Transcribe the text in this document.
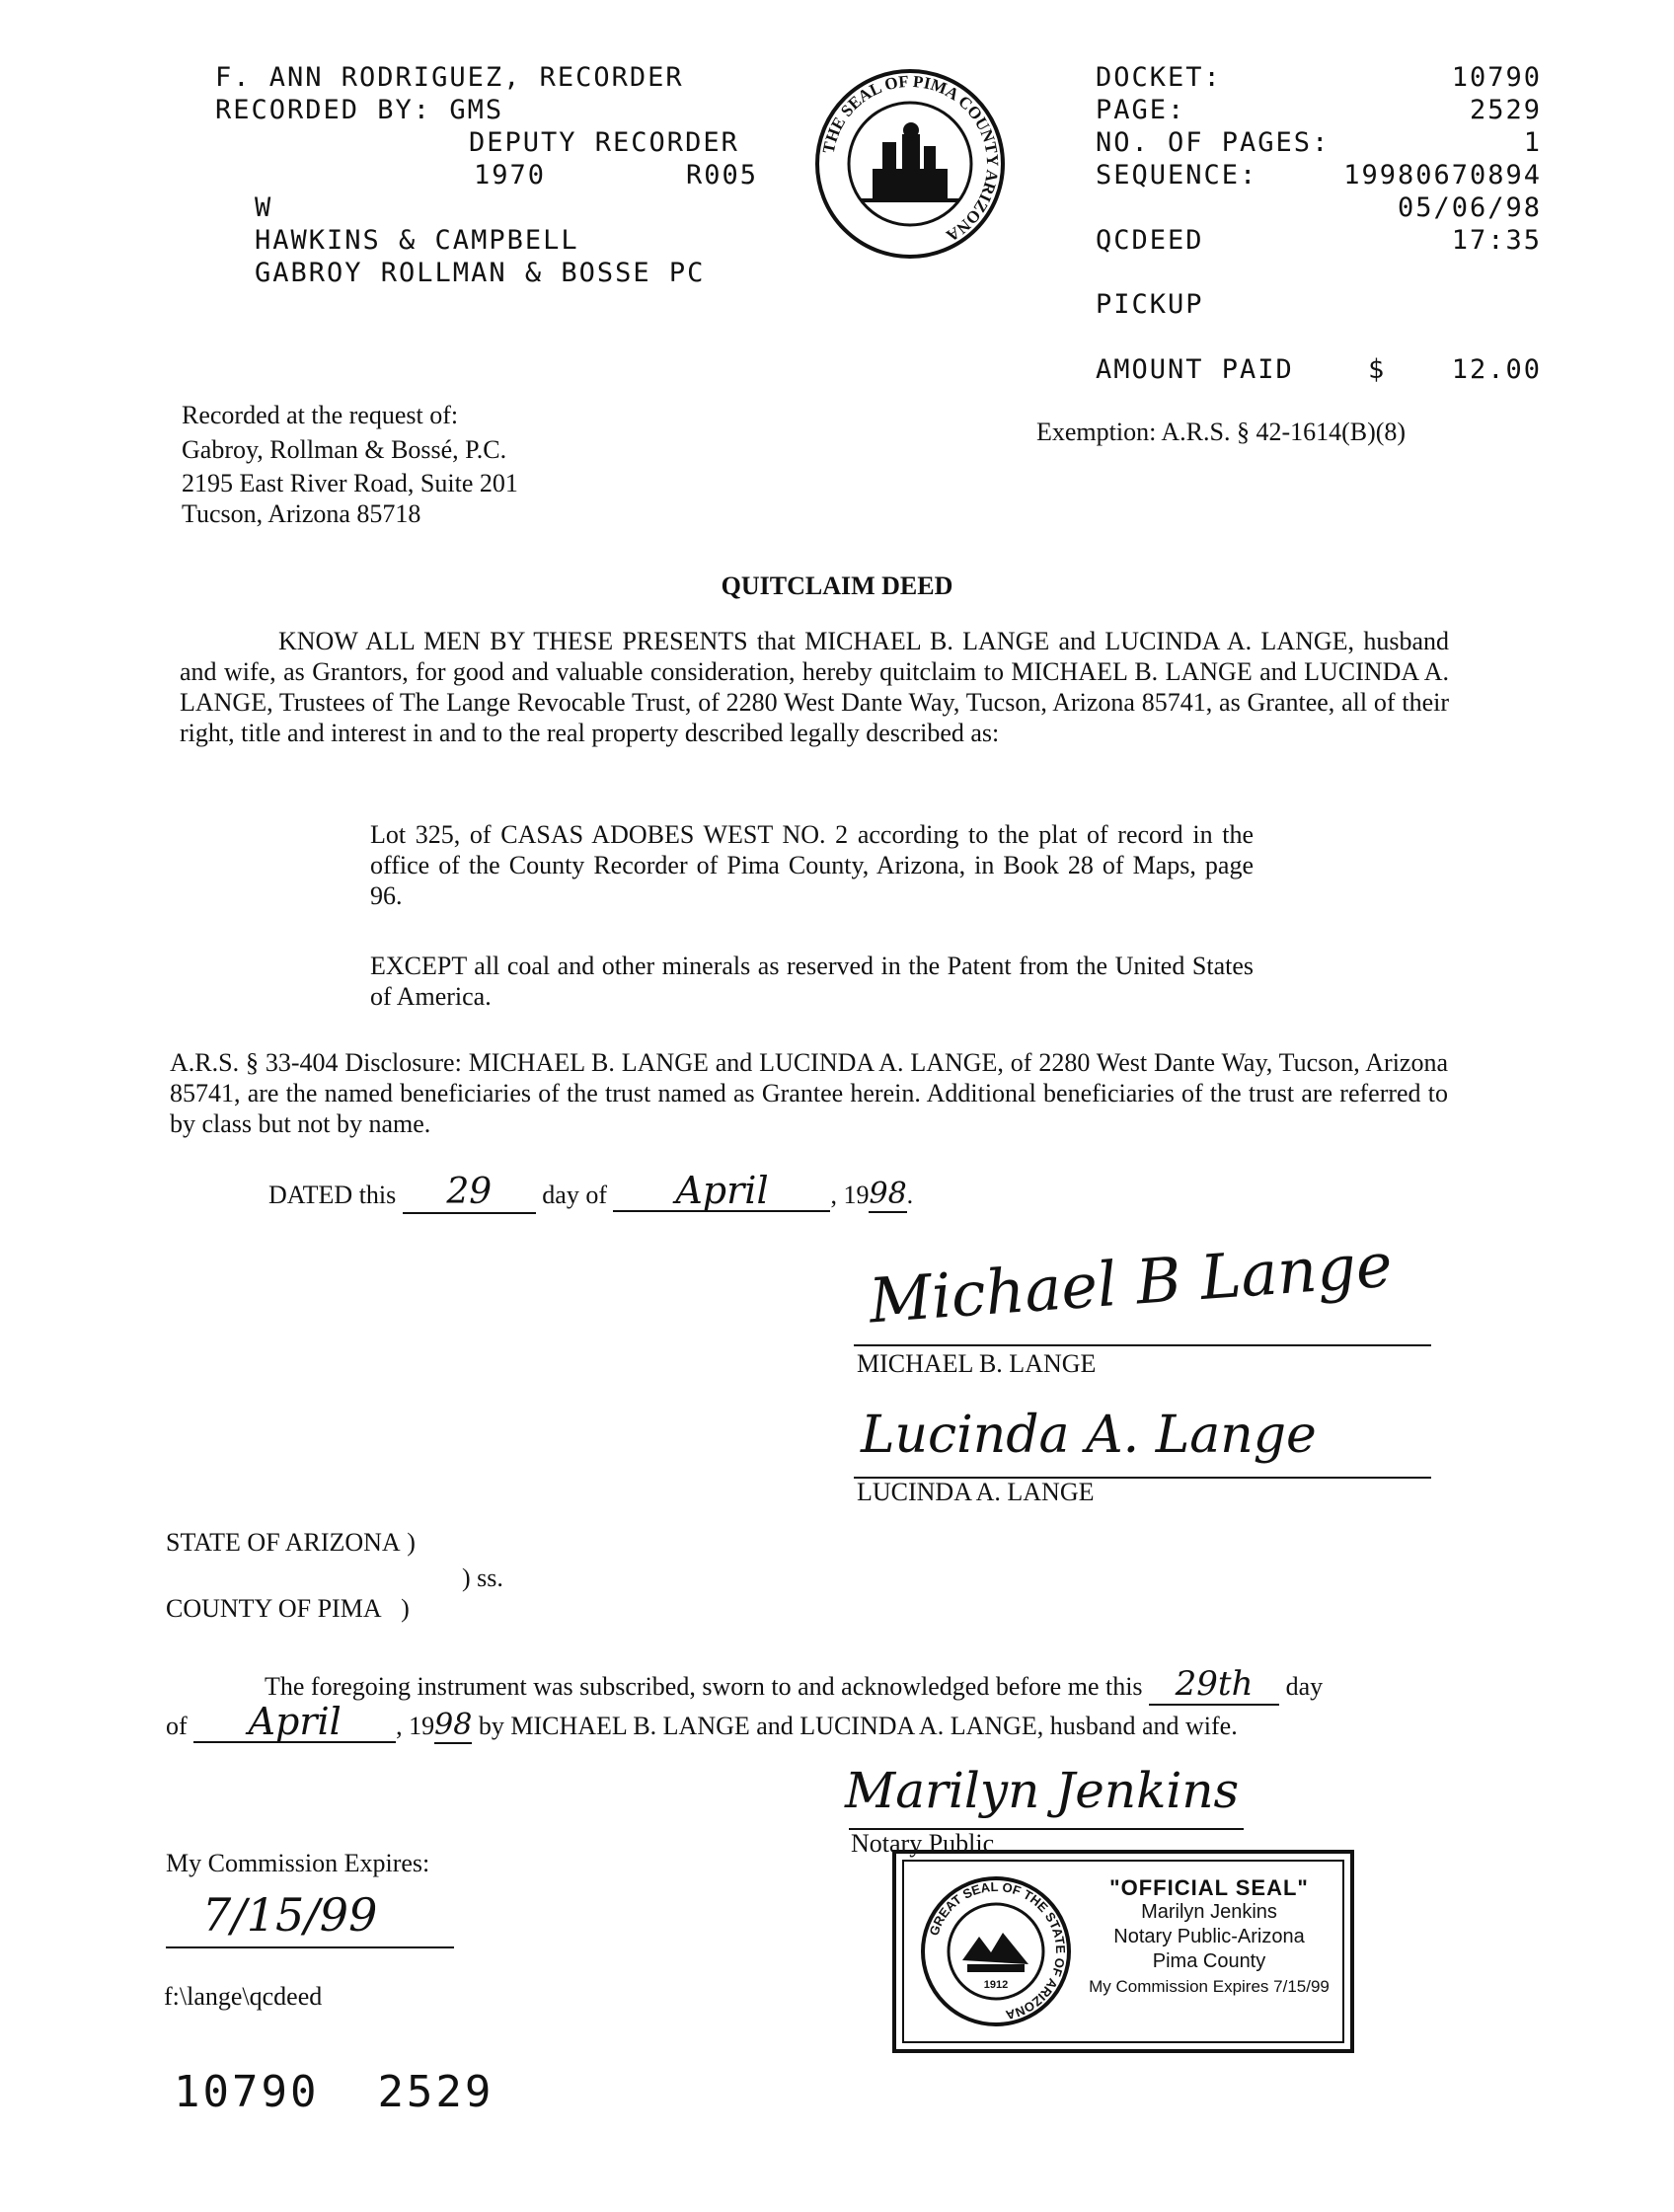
F. ANN RODRIGUEZ, RECORDER
RECORDED BY: GMS
DEPUTY RECORDER
1970	R005
W
HAWKINS & CAMPBELL
GABROY ROLLMAN & BOSSE PC
THE SEAL OF PIMA COUNTY ARIZONA
DOCKET:	10790
PAGE:	2529
NO. OF PAGES:	1
SEQUENCE:	19980670894
05/06/98
QCDEED	17:35
PICKUP
AMOUNT PAID	$	12.00
Recorded at the request of:
Gabroy, Rollman & Bossé, P.C.
2195 East River Road, Suite 201
Tucson, Arizona 85718
Exemption: A.R.S. § 42-1614(B)(8)
QUITCLAIM DEED
KNOW ALL MEN BY THESE PRESENTS that MICHAEL B. LANGE and LUCINDA A. LANGE, husband and wife, as Grantors, for good and valuable consideration, hereby quitclaim to MICHAEL B. LANGE and LUCINDA A. LANGE, Trustees of The Lange Revocable Trust, of 2280 West Dante Way, Tucson, Arizona 85741, as Grantee, all of their right, title and interest in and to the real property described legally described as:
Lot 325, of CASAS ADOBES WEST NO. 2 according to the plat of record in the office of the County Recorder of Pima County, Arizona, in Book 28 of Maps, page 96.
EXCEPT all coal and other minerals as reserved in the Patent from the United States of America.
A.R.S. § 33-404 Disclosure: MICHAEL B. LANGE and LUCINDA A. LANGE, of 2280 West Dante Way, Tucson, Arizona 85741, are the named beneficiaries of the trust named as Grantee herein. Additional beneficiaries of the trust are referred to by class but not by name.
DATED this 29 day of April , 1998.
Michael B Lange
MICHAEL B. LANGE
Lucinda A. Lange
LUCINDA A. LANGE
STATE OF ARIZONA )
) ss.
COUNTY OF PIMA )
The foregoing instrument was subscribed, sworn to and acknowledged before me this 29th day
of April , 1998 by MICHAEL B. LANGE and LUCINDA A. LANGE, husband and wife.
Marilyn Jenkins
Notary Public
My Commission Expires:
7/15/99
f:\lange\qcdeed
GREAT SEAL OF THE STATE OF ARIZONA
1912
"OFFICIAL SEAL"
Marilyn Jenkins
Notary Public-Arizona
Pima County
My Commission Expires 7/15/99
10790 2529
